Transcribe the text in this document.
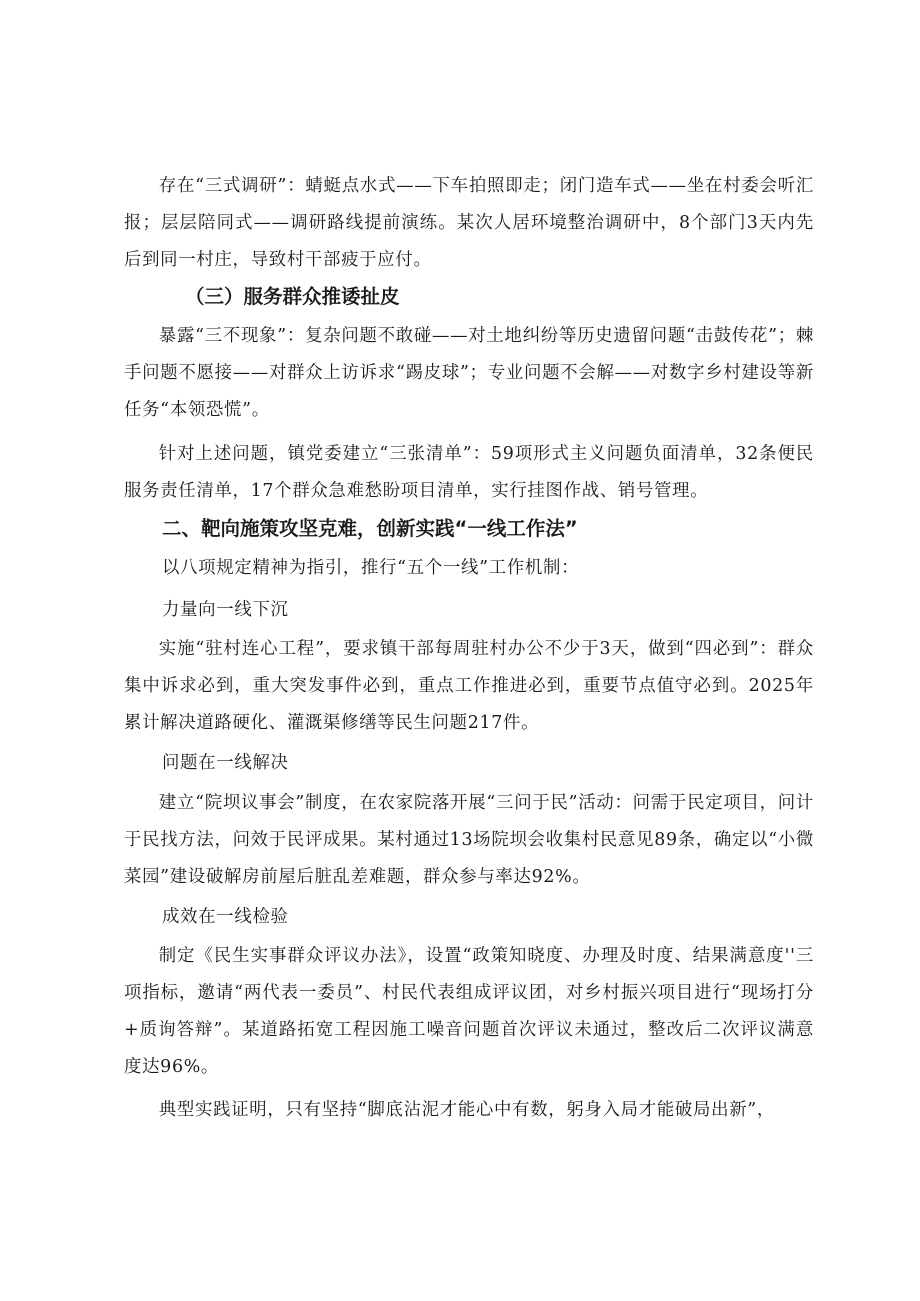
存在“三式调研”：蜻蜓点水式——下车拍照即走；闭门造车式——坐在村委会听汇报；层层陪同式——调研路线提前演练。某次人居环境整治调研中，8个部门3天内先后到同一村庄，导致村干部疲于应付。

（三）服务群众推诿扯皮

暴露“三不现象”：复杂问题不敢碰——对土地纠纷等历史遗留问题“击鼓传花”；棘手问题不愿接——对群众上访诉求“踢皮球”；专业问题不会解——对数字乡村建设等新任务“本领恐慌”。

针对上述问题，镇党委建立“三张清单”：59项形式主义问题负面清单，32条便民服务责任清单，17个群众急难愁盼项目清单，实行挂图作战、销号管理。

二、靶向施策攻坚克难，创新实践“一线工作法”

以八项规定精神为指引，推行“五个一线”工作机制：

力量向一线下沉

实施“驻村连心工程”，要求镇干部每周驻村办公不少于3天，做到“四必到”：群众集中诉求必到，重大突发事件必到，重点工作推进必到，重要节点值守必到。2025年累计解决道路硬化、灌溉渠修缮等民生问题217件。

问题在一线解决

建立“院坝议事会”制度，在农家院落开展“三问于民”活动：问需于民定项目，问计于民找方法，问效于民评成果。某村通过13场院坝会收集村民意见89条，确定以“小微菜园”建设破解房前屋后脏乱差难题，群众参与率达92%。

成效在一线检验

制定《民生实事群众评议办法》，设置“政策知晓度、办理及时度、结果满意度''三项指标，邀请“两代表一委员”、村民代表组成评议团，对乡村振兴项目进行“现场打分+质询答辩”。某道路拓宽工程因施工噪音问题首次评议未通过，整改后二次评议满意度达96%。

典型实践证明，只有坚持“脚底沾泥才能心中有数，躬身入局才能破局出新”，
